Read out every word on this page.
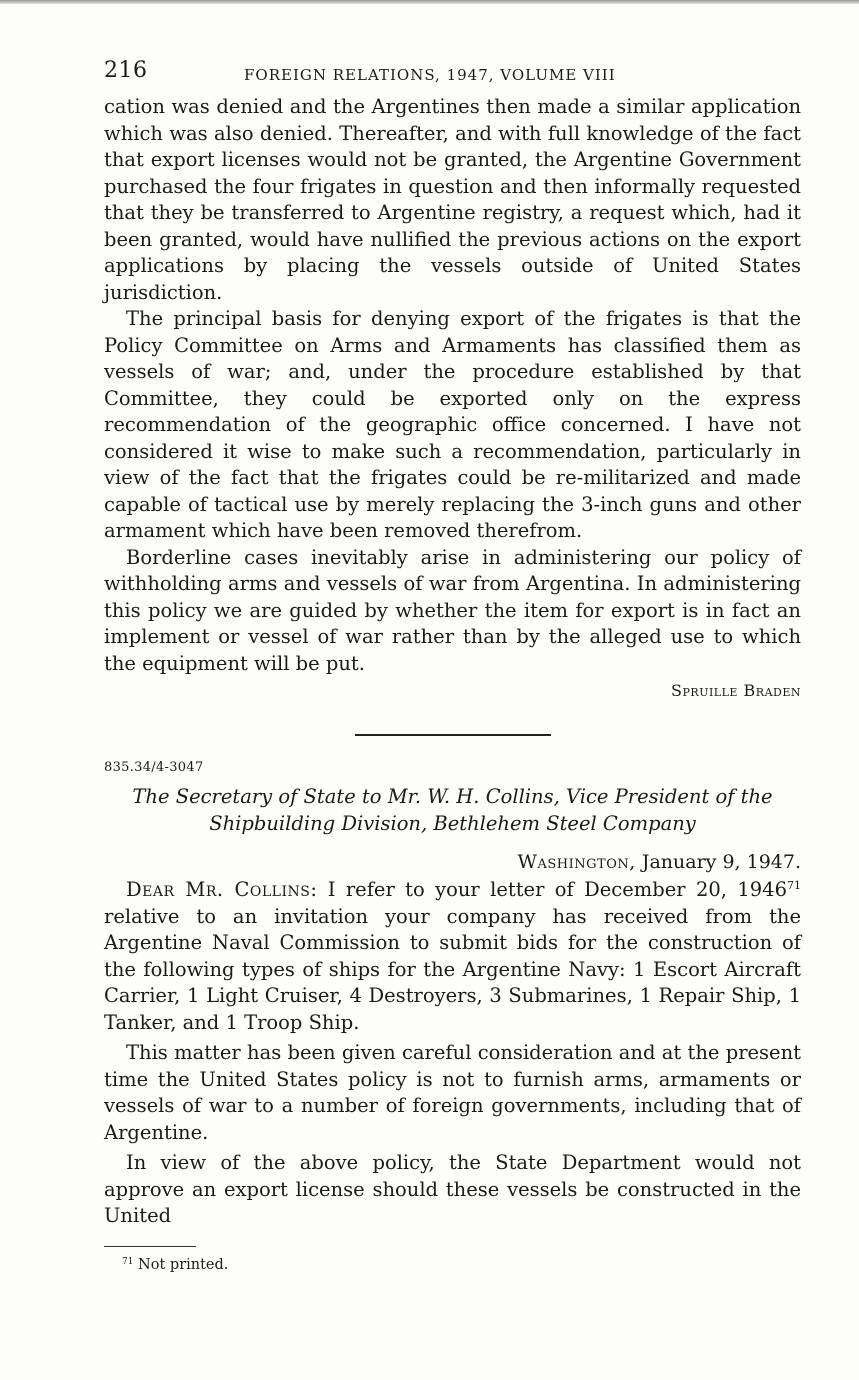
216	FOREIGN RELATIONS, 1947, VOLUME VIII

cation was denied and the Argentines then made a similar application which was also denied. Thereafter, and with full knowledge of the fact that export licenses would not be granted, the Argentine Government purchased the four frigates in question and then informally requested that they be transferred to Argentine registry, a request which, had it been granted, would have nullified the previous actions on the export applications by placing the vessels outside of United States jurisdiction.

The principal basis for denying export of the frigates is that the Policy Committee on Arms and Armaments has classified them as vessels of war; and, under the procedure established by that Committee, they could be exported only on the express recommendation of the geographic office concerned. I have not considered it wise to make such a recommendation, particularly in view of the fact that the frigates could be re-militarized and made capable of tactical use by merely replacing the 3-inch guns and other armament which have been removed therefrom.

Borderline cases inevitably arise in administering our policy of withholding arms and vessels of war from Argentina. In administering this policy we are guided by whether the item for export is in fact an implement or vessel of war rather than by the alleged use to which the equipment will be put.

Spruille Braden
835.34/4-3047
The Secretary of State to Mr. W. H. Collins, Vice President of the
Shipbuilding Division, Bethlehem Steel Company
Washington, January 9, 1947.

Dear Mr. Collins: I refer to your letter of December 20, 1946$^{71}$ relative to an invitation your company has received from the Argentine Naval Commission to submit bids for the construction of the following types of ships for the Argentine Navy: 1 Escort Aircraft Carrier, 1 Light Cruiser, 4 Destroyers, 3 Submarines, 1 Repair Ship, 1 Tanker, and 1 Troop Ship.

This matter has been given careful consideration and at the present time the United States policy is not to furnish arms, armaments or vessels of war to a number of foreign governments, including that of Argentine.

In view of the above policy, the State Department would not approve an export license should these vessels be constructed in the United

$^{71}$ Not printed.
